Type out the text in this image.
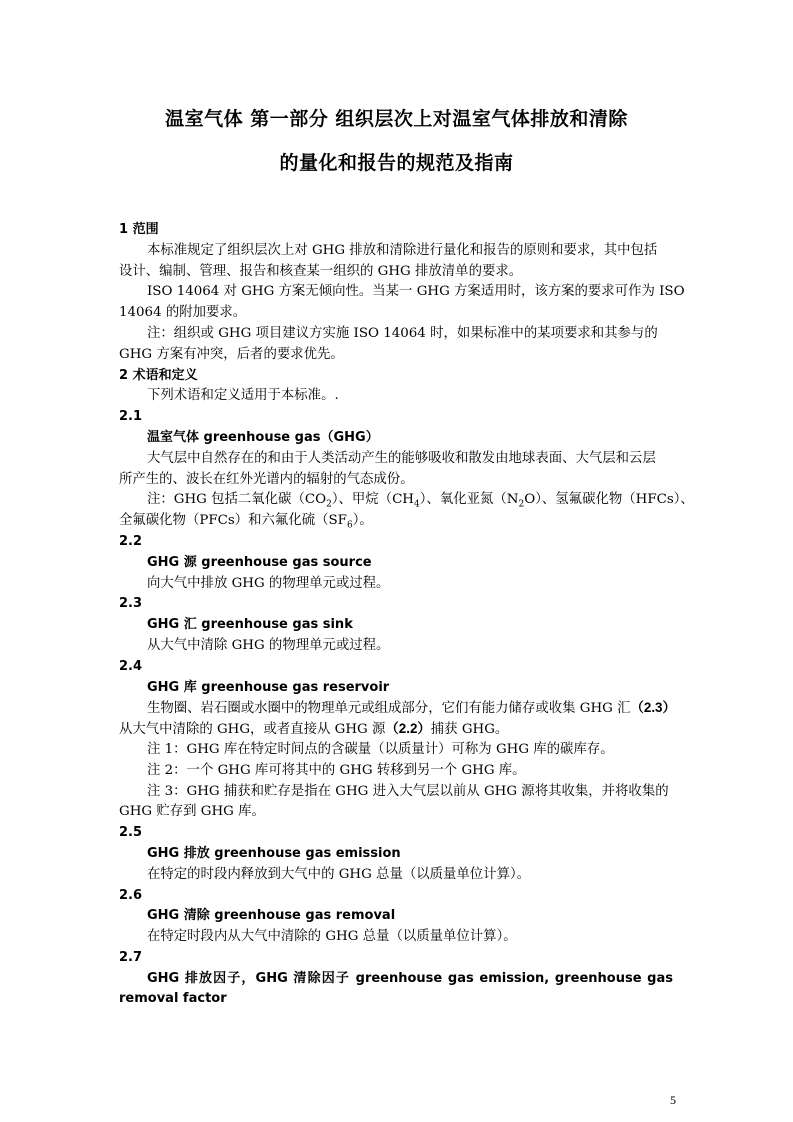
温室气体 第一部分 组织层次上对温室气体排放和清除
的量化和报告的规范及指南
1 范围
本标准规定了组织层次上对 GHG 排放和清除进行量化和报告的原则和要求，其中包括
设计、编制、管理、报告和核查某一组织的 GHG 排放清单的要求。
ISO 14064 对 GHG 方案无倾向性。当某一 GHG 方案适用时，该方案的要求可作为 ISO
14064 的附加要求。
注：组织或 GHG 项目建议方实施 ISO 14064 时，如果标准中的某项要求和其参与的
GHG 方案有冲突，后者的要求优先。
2 术语和定义
下列术语和定义适用于本标准。.
2.1
温室气体 greenhouse gas（GHG）
大气层中自然存在的和由于人类活动产生的能够吸收和散发由地球表面、大气层和云层
所产生的、波长在红外光谱内的辐射的气态成份。
注：GHG 包括二氧化碳$(CO_2)$、甲烷$(CH_4)$、氧化亚氮$(N_2O)$、氢氟碳化物（HFCs）、
全氟碳化物（PFCs）和六氟化硫$(SF_6)$。
2.2
GHG 源 greenhouse gas source
向大气中排放 GHG 的物理单元或过程。
2.3
GHG 汇 greenhouse gas sink
从大气中清除 GHG 的物理单元或过程。
2.4
GHG 库 greenhouse gas reservoir
生物圈、岩石圈或水圈中的物理单元或组成部分，它们有能力储存或收集 GHG 汇（2.3）
从大气中清除的 GHG，或者直接从 GHG 源（2.2）捕获 GHG。
注 1：GHG 库在特定时间点的含碳量（以质量计）可称为 GHG 库的碳库存。
注 2：一个 GHG 库可将其中的 GHG 转移到另一个 GHG 库。
注 3：GHG 捕获和贮存是指在 GHG 进入大气层以前从 GHG 源将其收集，并将收集的
GHG 贮存到 GHG 库。
2.5
GHG 排放 greenhouse gas emission
在特定的时段内释放到大气中的 GHG 总量（以质量单位计算）。
2.6
GHG 清除 greenhouse gas removal
在特定时段内从大气中清除的 GHG 总量（以质量单位计算）。
2.7
GHG 排放因子，GHG 清除因子 greenhouse gas emission, greenhouse gas
removal factor
5
